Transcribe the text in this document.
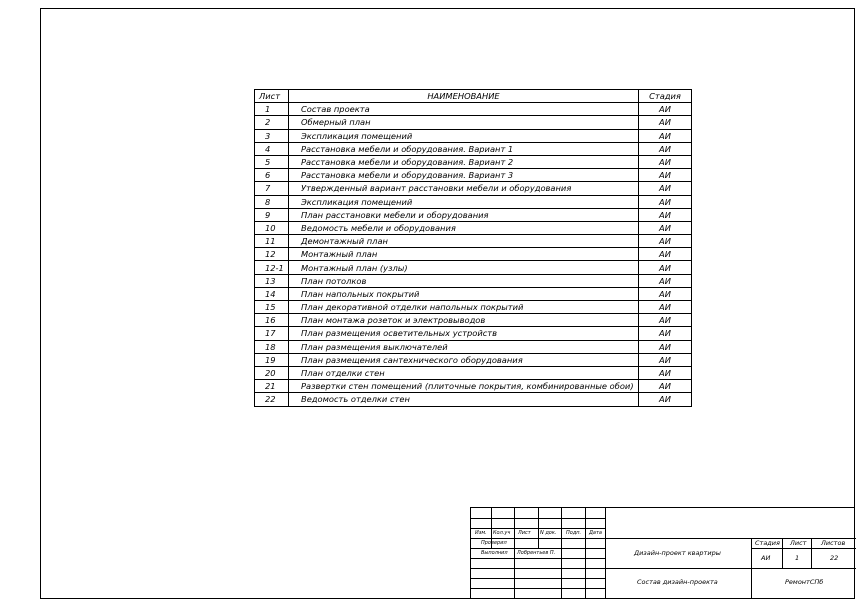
Лист	НАИМЕНОВАНИЕ	Стадия
1	Состав проекта	АИ
2	Обмерный план	АИ
3	Экспликация помещений	АИ
4	Расстановка мебели и оборудования. Вариант 1	АИ
5	Расстановка мебели и оборудования. Вариант 2	АИ
6	Расстановка мебели и оборудования. Вариант 3	АИ
7	Утвержденный вариант расстановки мебели и оборудования	АИ
8	Экспликация помещений	АИ
9	План расстановки мебели и оборудования	АИ
10	Ведомость мебели и оборудования	АИ
11	Демонтажный план	АИ
12	Монтажный план	АИ
12-1	Монтажный план (узлы)	АИ
13	План потолков	АИ
14	План напольных покрытий	АИ
15	План декоративной отделки напольных покрытий	АИ
16	План монтажа розеток и электровыводов	АИ
17	План размещения осветительных устройств	АИ
18	План размещения выключателей	АИ
19	План размещения сантехнического оборудования	АИ
20	План отделки стен	АИ
21	Развертки стен помещений (плиточные покрытия, комбинированные обои)	АИ
22	Ведомость отделки стен	АИ
Изм. Кол.уч Лист N док. Подп. Дата
Проверил
Выполнил Лобрентьев П.	Дизайн-проект квартиры
Состав дизайн-проекта
Стадия Лист Листов
АИ	1	22
РемонтСПб
